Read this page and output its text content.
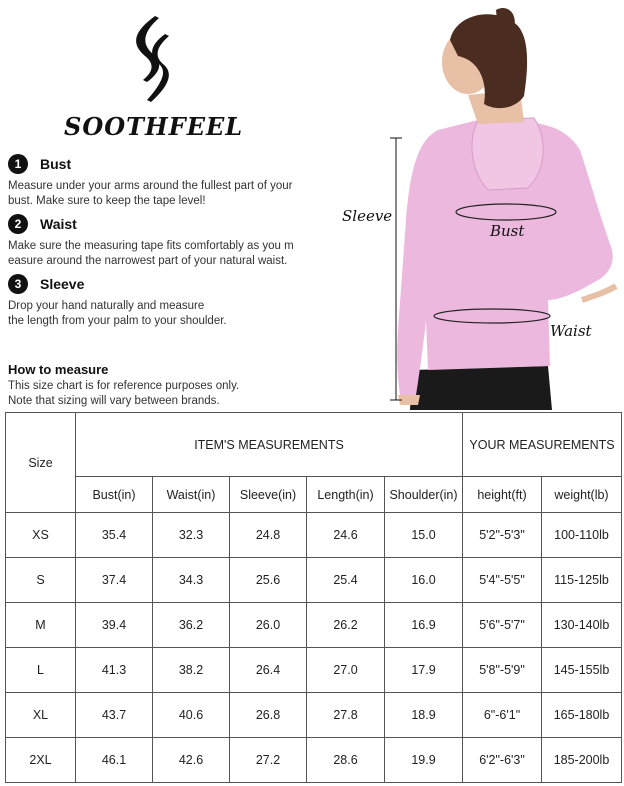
SOOTHFEEL
1	Bust
Measure under your arms around the fullest part of your
bust. Make sure to keep the tape level!
2	Waist
Make sure the measuring tape fits comfortably as you m
easure around the narrowest part of your natural waist.
3	Sleeve
Drop your hand naturally and measure
the length from your palm to your shoulder.
How to measure
This size chart is for reference purposes only.
Note that sizing will vary between brands.
Sleeve
Bust
Waist
Size	ITEM'S MEASUREMENTS					YOUR MEASUREMENTS	
	Bust(in)	Waist(in)	Sleeve(in)	Length(in)	Shoulder(in)	height(ft)	weight(lb)
XS	35.4	32.3	24.8	24.6	15.0	5'2"-5'3"	100-110lb
S	37.4	34.3	25.6	25.4	16.0	5'4"-5'5"	115-125lb
M	39.4	36.2	26.0	26.2	16.9	5'6"-5'7"	130-140lb
L	41.3	38.2	26.4	27.0	17.9	5'8"-5'9"	145-155lb
XL	43.7	40.6	26.8	27.8	18.9	6"-6'1"	165-180lb
2XL	46.1	42.6	27.2	28.6	19.9	6'2"-6'3"	185-200lb
